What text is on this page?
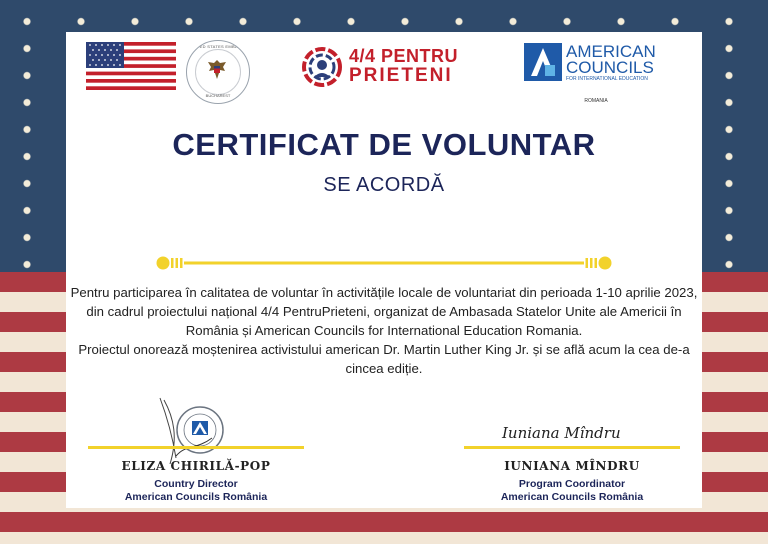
UNITED STATES EMBASSY
BUCHAREST
4/4 PENTRU
PRIETENI
AMERICAN
COUNCILS
FOR INTERNATIONAL EDUCATION
ROMANIA
CERTIFICAT DE VOLUNTAR
SE ACORDĂ
Pentru participarea în calitatea de voluntar în activitățile locale de voluntariat din perioada 1-10 aprilie 2023,
din cadrul proiectului național 4/4 PentruPrieteni, organizat de Ambasada Statelor Unite ale Americii în
România și American Councils for International Education Romania.
Proiectul onorează moștenirea activistului american Dr. Martin Luther King Jr. și se află acum la cea de-a
cincea ediție.
Iuniana Mîndru
ELIZA CHIRILĂ-POP
Country Director
American Councils România
IUNIANA MÎNDRU
Program Coordinator
American Councils România
